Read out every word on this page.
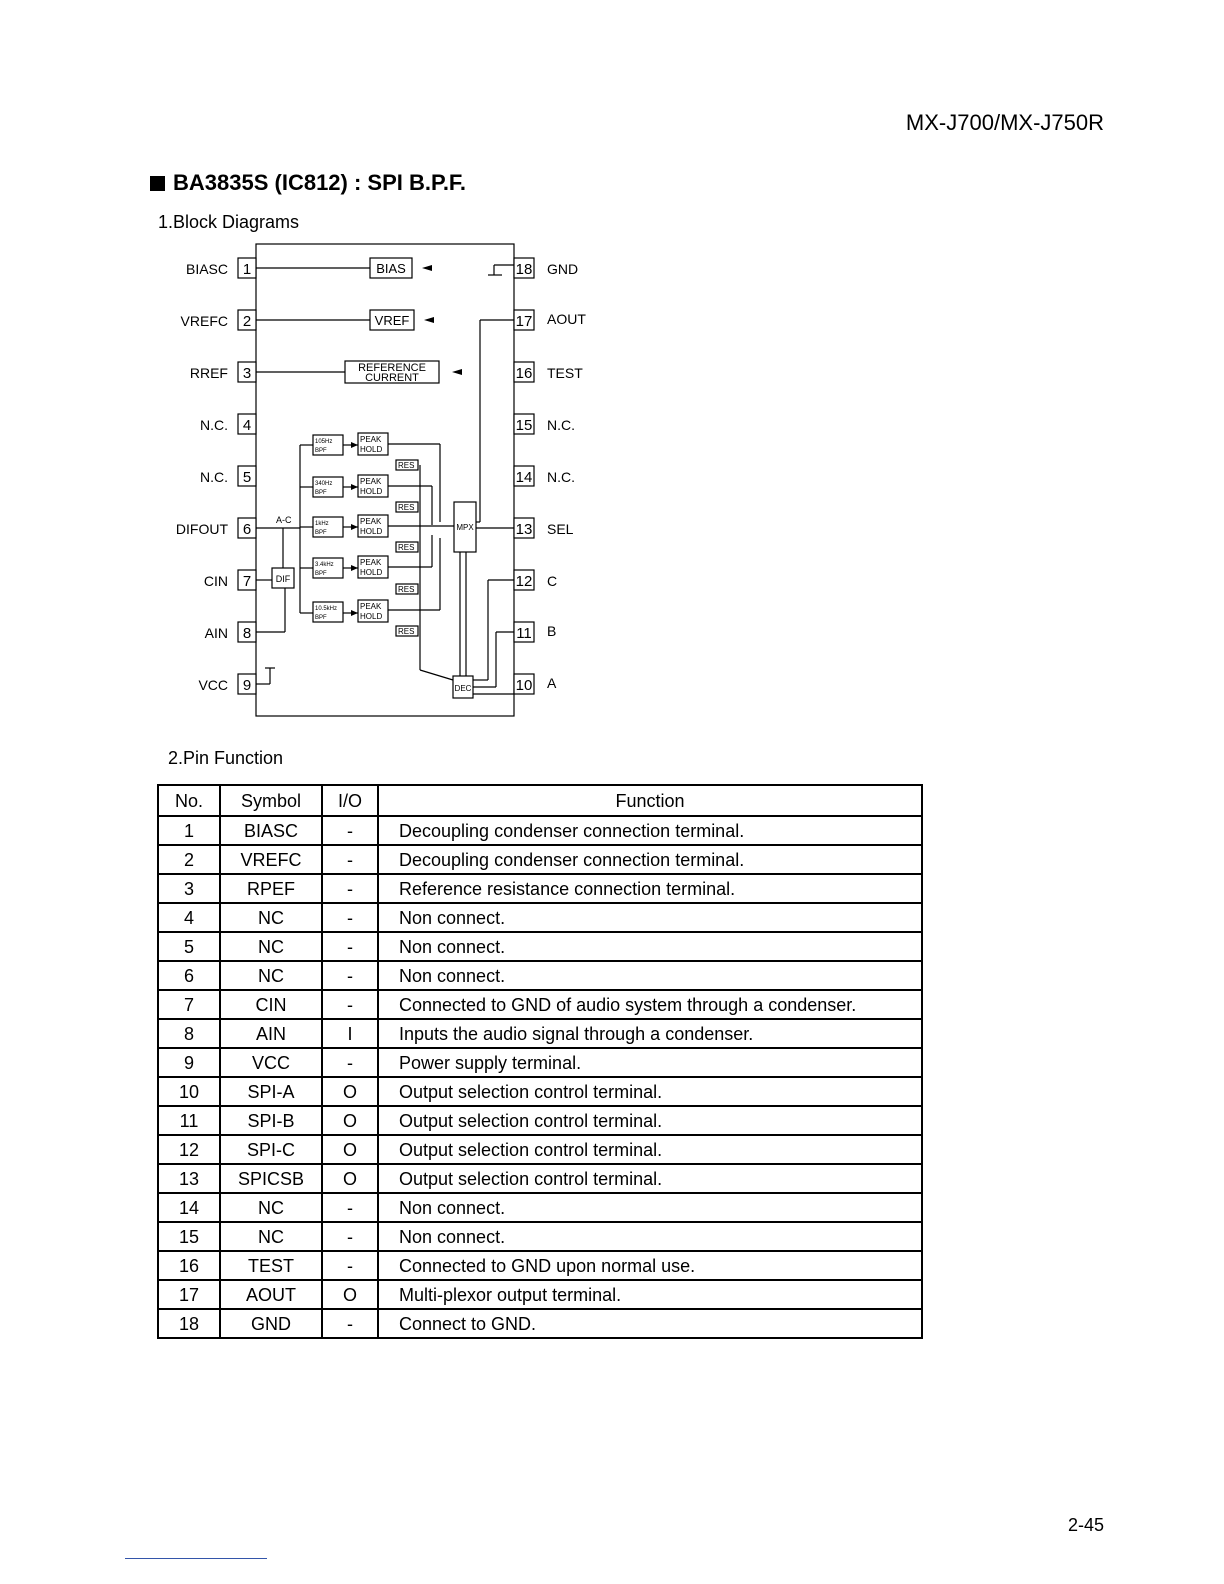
MX-J700/MX-J750R
BA3835S (IC812) : SPI B.P.F.
1.Block Diagrams
1
2
3
4
5
6
7
8
9
BIASC
VREFC
RREF
N.C.
N.C.
DIFOUT
CIN
AIN
VCC
18
17
16
15
14
13
12
11
10
GND
AOUT
TEST
N.C.
N.C.
SEL
C
B
A
BIAS
VREF
REFERENCE
CURRENT
DIF
A-C
MPX
DEC
105Hz
BPF
340Hz
BPF
1kHz
BPF
3.4kHz
BPF
10.5kHz
BPF
PEAK
HOLD
RES
PEAK
HOLD
RES
PEAK
HOLD
RES
PEAK
HOLD
RES
PEAK
HOLD
RES
2.Pin Function
No.	Symbol	I/O	Function
1	BIASC	-	Decoupling condenser connection terminal.
2	VREFC	-	Decoupling condenser connection terminal.
3	RPEF	-	Reference resistance connection terminal.
4	NC	-	Non connect.
5	NC	-	Non connect.
6	NC	-	Non connect.
7	CIN	-	Connected to GND of audio system through a condenser.
8	AIN	I	Inputs the audio signal through a condenser.
9	VCC	-	Power supply terminal.
10	SPI-A	O	Output selection control terminal.
11	SPI-B	O	Output selection control terminal.
12	SPI-C	O	Output selection control terminal.
13	SPICSB	O	Output selection control terminal.
14	NC	-	Non connect.
15	NC	-	Non connect.
16	TEST	-	Connected to GND upon normal use.
17	AOUT	O	Multi-plexor output terminal.
18	GND	-	Connect to GND.
2-45
